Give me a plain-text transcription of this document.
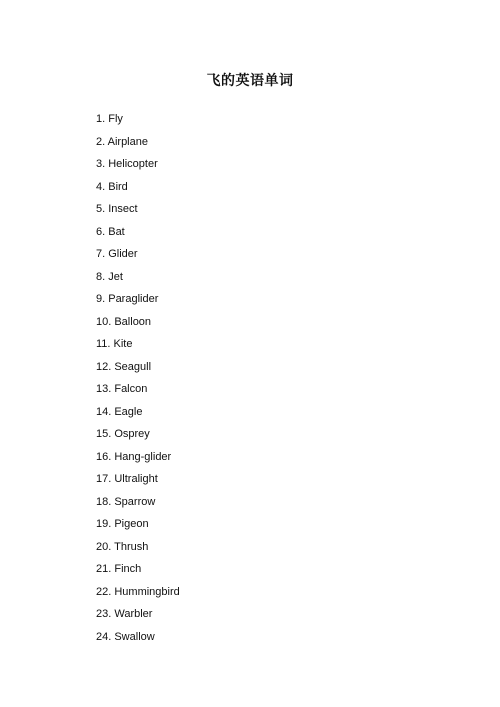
飞的英语单词
1. Fly
2. Airplane
3. Helicopter
4. Bird
5. Insect
6. Bat
7. Glider
8. Jet
9. Paraglider
10. Balloon
11. Kite
12. Seagull
13. Falcon
14. Eagle
15. Osprey
16. Hang-glider
17. Ultralight
18. Sparrow
19. Pigeon
20. Thrush
21. Finch
22. Hummingbird
23. Warbler
24. Swallow
